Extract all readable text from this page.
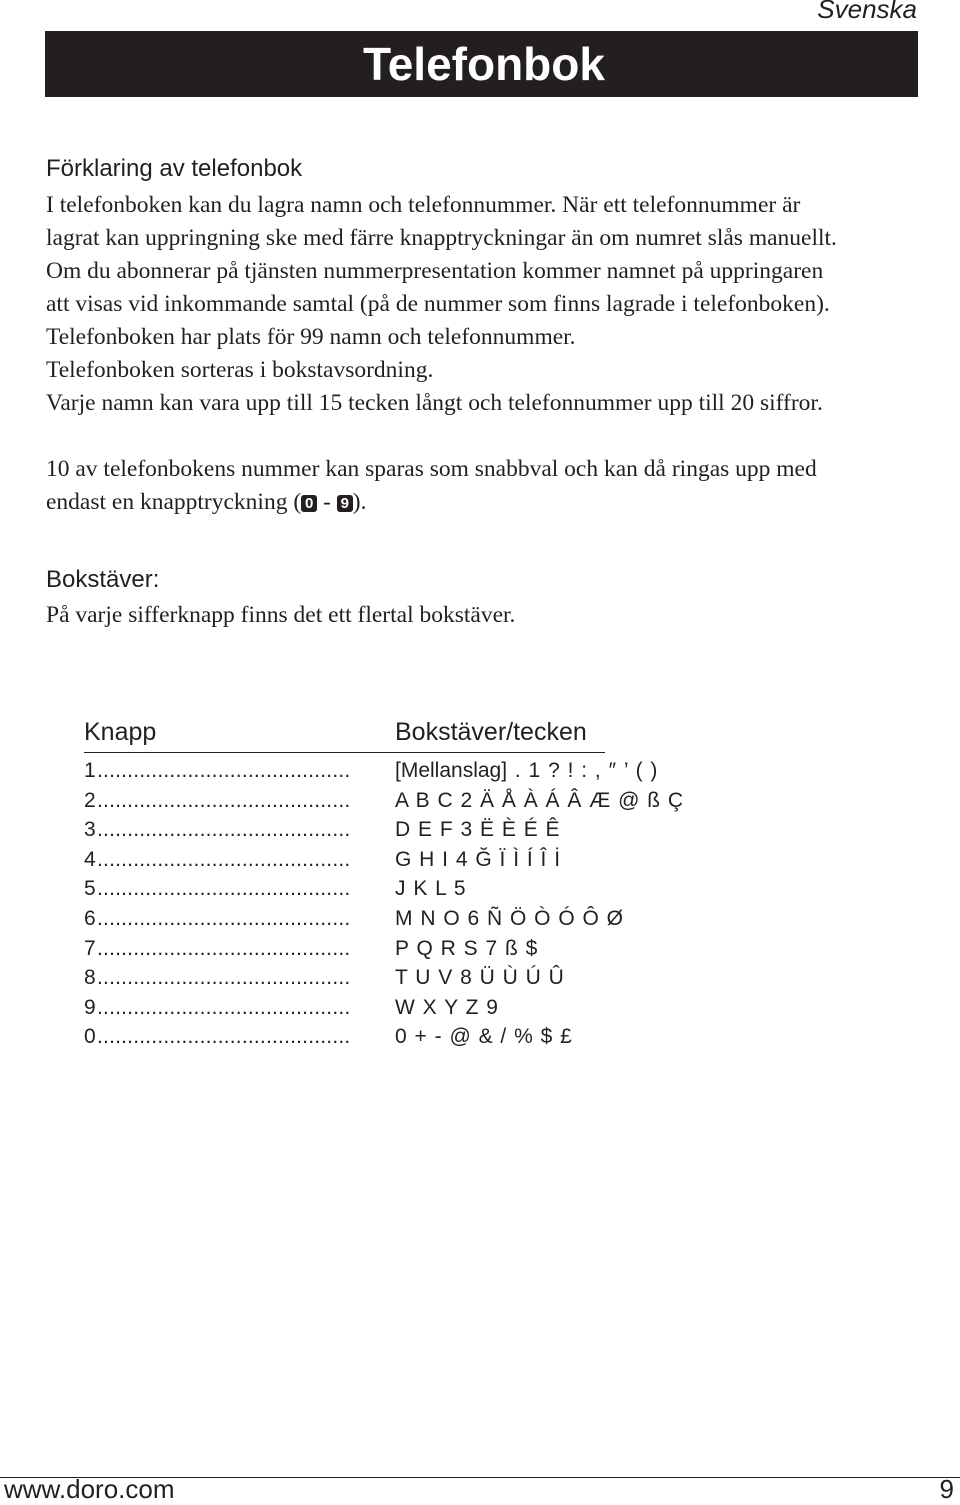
Svenska
Telefonbok
Förklaring av telefonbok
I telefonboken kan du lagra namn och telefonnummer. När ett telefonnummer är
lagrat kan uppringning ske med färre knapptryckningar än om numret slås manuellt.
Om du abonnerar på tjänsten nummerpresentation kommer namnet på uppringaren
att visas vid inkommande samtal (på de nummer som finns lagrade i telefonboken).
Telefonboken har plats för 99 namn och telefonnummer.
Telefonboken sorteras i bokstavsordning.
Varje namn kan vara upp till 15 tecken långt och telefonnummer upp till 20 siffror.
10 av telefonbokens nummer kan sparas som snabbval och kan då ringas upp med
endast en knapptryckning ( 0 - 9 ).
Bokstäver:
På varje sifferknapp finns det ett flertal bokstäver.
Knapp	Bokstäver/tecken
1 .......................................... [Mellanslag] . 1 ? ! : , ″ ’ ( )
2 .......................................... A B C 2 Ä Å À Á Â Æ @ ß Ç
3 .......................................... D E F 3 Ë È É Ê
4 .......................................... G H I 4 Ğ Ï Ì Í Î İ
5 .......................................... J K L 5
6 .......................................... M N O 6 Ñ Ö Ò Ó Ô Ø
7 .......................................... P Q R S 7 ß $
8 .......................................... T U V 8 Ü Ù Ú Û
9 .......................................... W X Y Z 9
0 .......................................... 0 + - @ & / % $ £
www.doro.com	9
